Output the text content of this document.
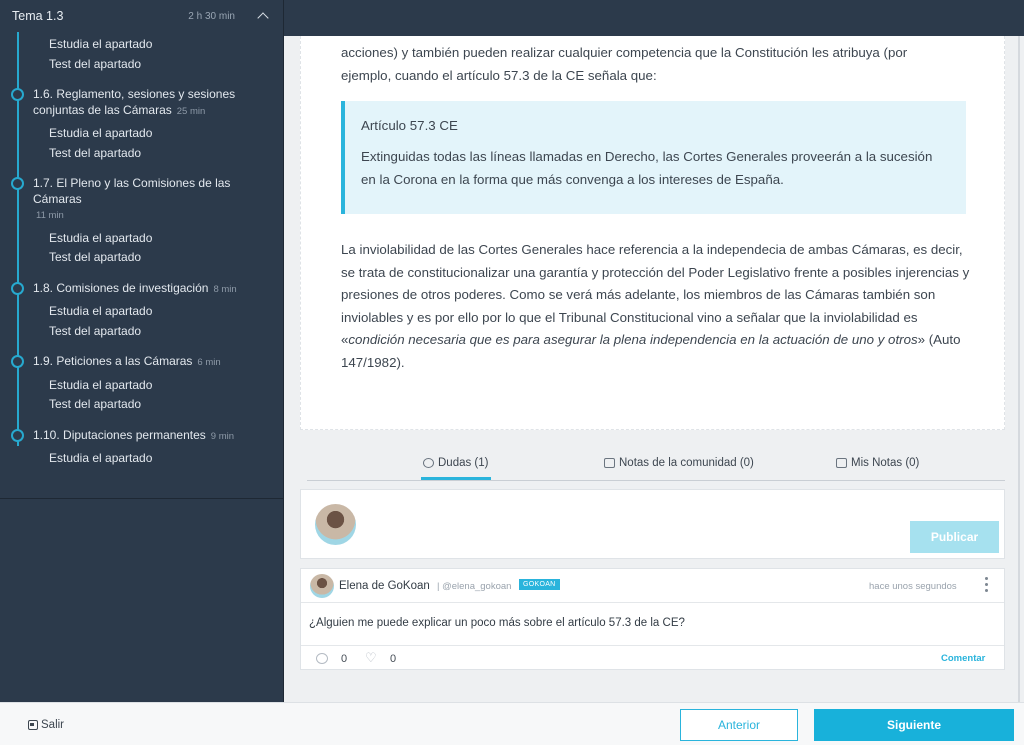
Tema 1.3	2 h 30 min
Estudia el apartado
Test del apartado
1.6. Reglamento, sesiones y sesiones conjuntas de las Cámaras 25 min
Estudia el apartado
Test del apartado
1.7. El Pleno y las Comisiones de las Cámaras
11 min
Estudia el apartado
Test del apartado
1.8. Comisiones de investigación 8 min
Estudia el apartado
Test del apartado
1.9. Peticiones a las Cámaras 6 min
Estudia el apartado
Test del apartado
1.10. Diputaciones permanentes 9 min
Estudia el apartado
acciones) y también pueden realizar cualquier competencia que la Constitución les atribuya (por
ejemplo, cuando el artículo 57.3 de la CE señala que:
Artículo 57.3 CE
Extinguidas todas las líneas llamadas en Derecho, las Cortes Generales proveerán a la sucesión en la Corona en la forma que más convenga a los intereses de España.
La inviolabilidad de las Cortes Generales hace referencia a la independecia de ambas Cámaras, es decir, se trata de constitucionalizar una garantía y protección del Poder Legislativo frente a posibles injerencias y presiones de otros poderes. Como se verá más adelante, los miembros de las Cámaras también son inviolables y es por ello por lo que el Tribunal Constitucional vino a señalar que la inviolabilidad es «condición necesaria que es para asegurar la plena independencia en la actuación de uno y otros» (Auto 147/1982).
Dudas (1)	Notas de la comunidad (0)	Mis Notas (0)
Publicar
Elena de GoKoan | @elena_gokoan	GOKOAN	hace unos segundos
¿Alguien me puede explicar un poco más sobre el artículo 57.3 de la CE?
0 ♡ 0	Comentar
Salir	Anterior	Siguiente
